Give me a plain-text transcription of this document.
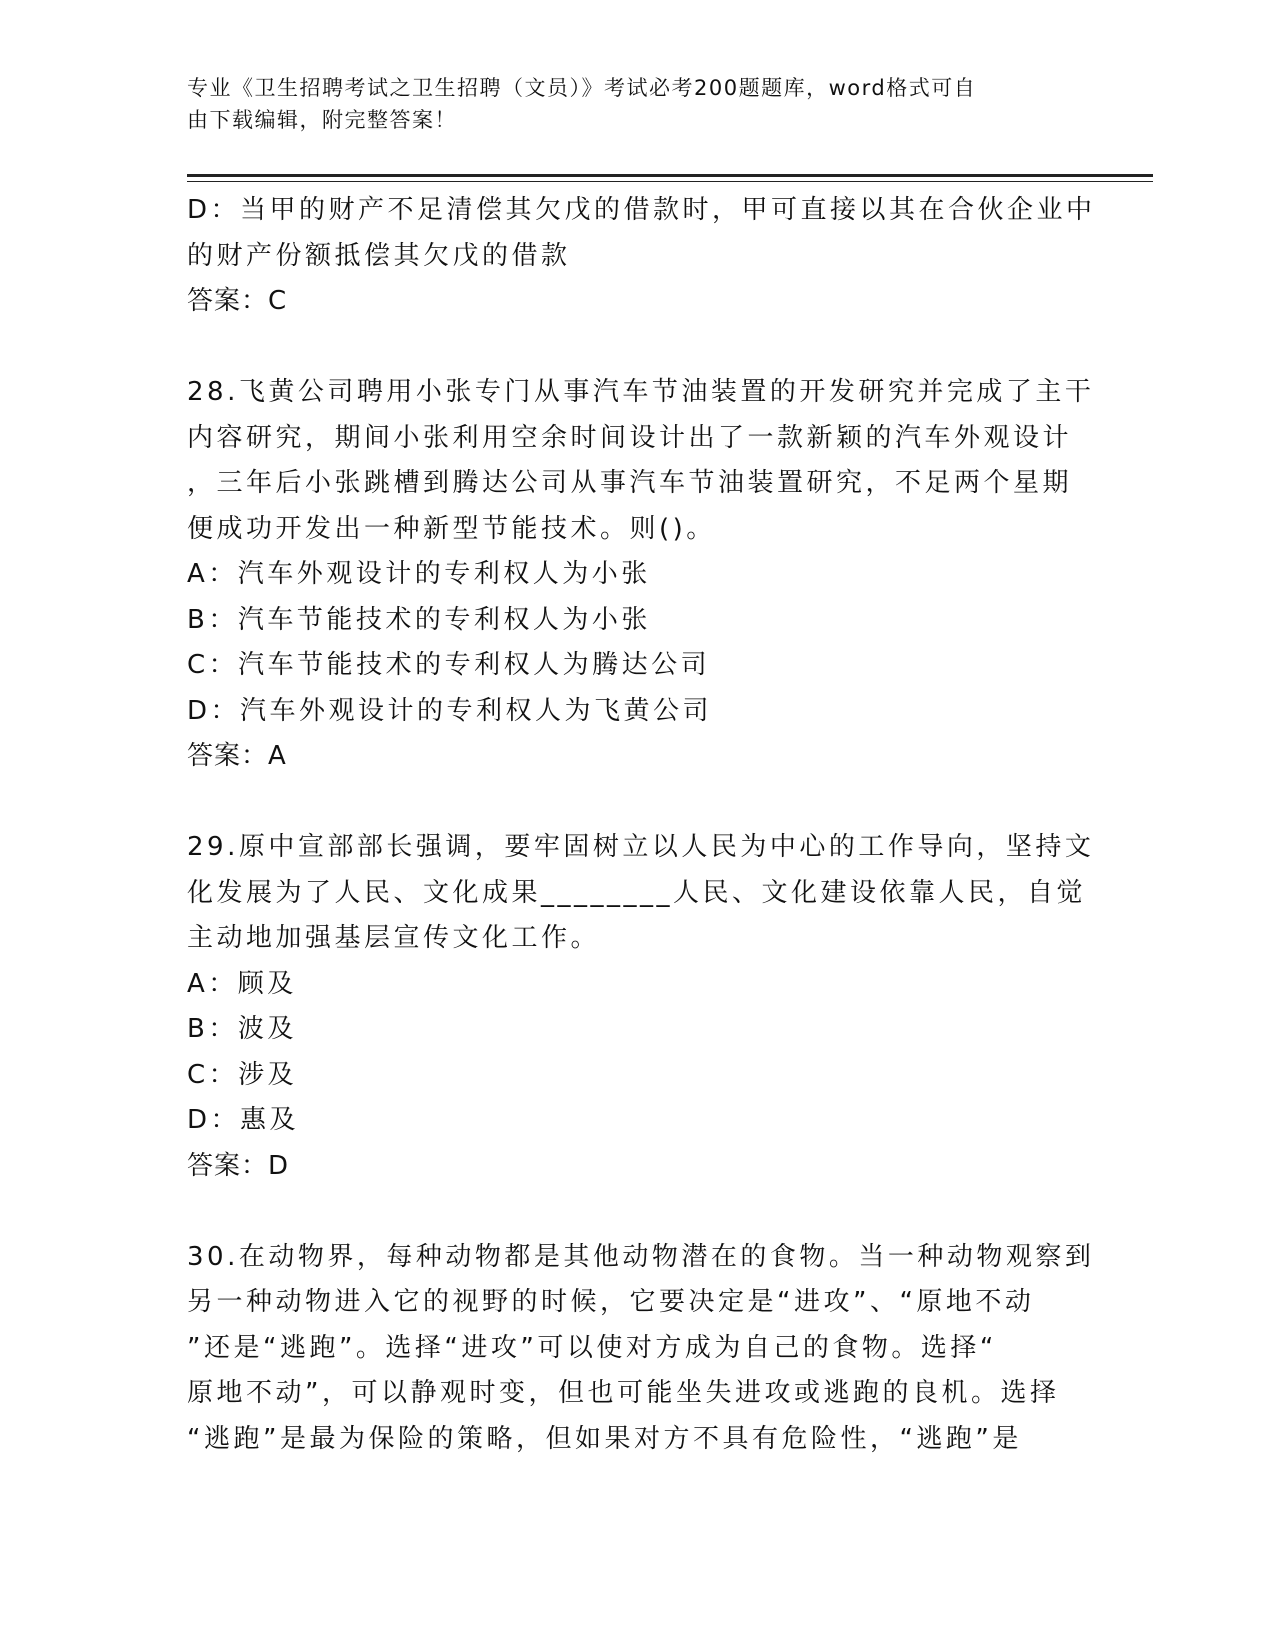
专业《卫生招聘考试之卫生招聘（文员）》考试必考200题题库，word格式可自
由下载编辑，附完整答案！
D：当甲的财产不足清偿其欠戊的借款时，甲可直接以其在合伙企业中
的财产份额抵偿其欠戊的借款
答案：C
28.飞黄公司聘用小张专门从事汽车节油装置的开发研究并完成了主干
内容研究，期间小张利用空余时间设计出了一款新颖的汽车外观设计
，三年后小张跳槽到腾达公司从事汽车节油装置研究，不足两个星期
便成功开发出一种新型节能技术。则()。
A：汽车外观设计的专利权人为小张
B：汽车节能技术的专利权人为小张
C：汽车节能技术的专利权人为腾达公司
D：汽车外观设计的专利权人为飞黄公司
答案：A
29.原中宣部部长强调，要牢固树立以人民为中心的工作导向，坚持文
化发展为了人民、文化成果________人民、文化建设依靠人民，自觉
主动地加强基层宣传文化工作。
A：顾及
B：波及
C：涉及
D：惠及
答案：D
30.在动物界，每种动物都是其他动物潜在的食物。当一种动物观察到
另一种动物进入它的视野的时候，它要决定是“进攻”、“原地不动
”还是“逃跑”。选择“进攻”可以使对方成为自己的食物。选择“
原地不动”，可以静观时变，但也可能坐失进攻或逃跑的良机。选择
“逃跑”是最为保险的策略，但如果对方不具有危险性，“逃跑”是
